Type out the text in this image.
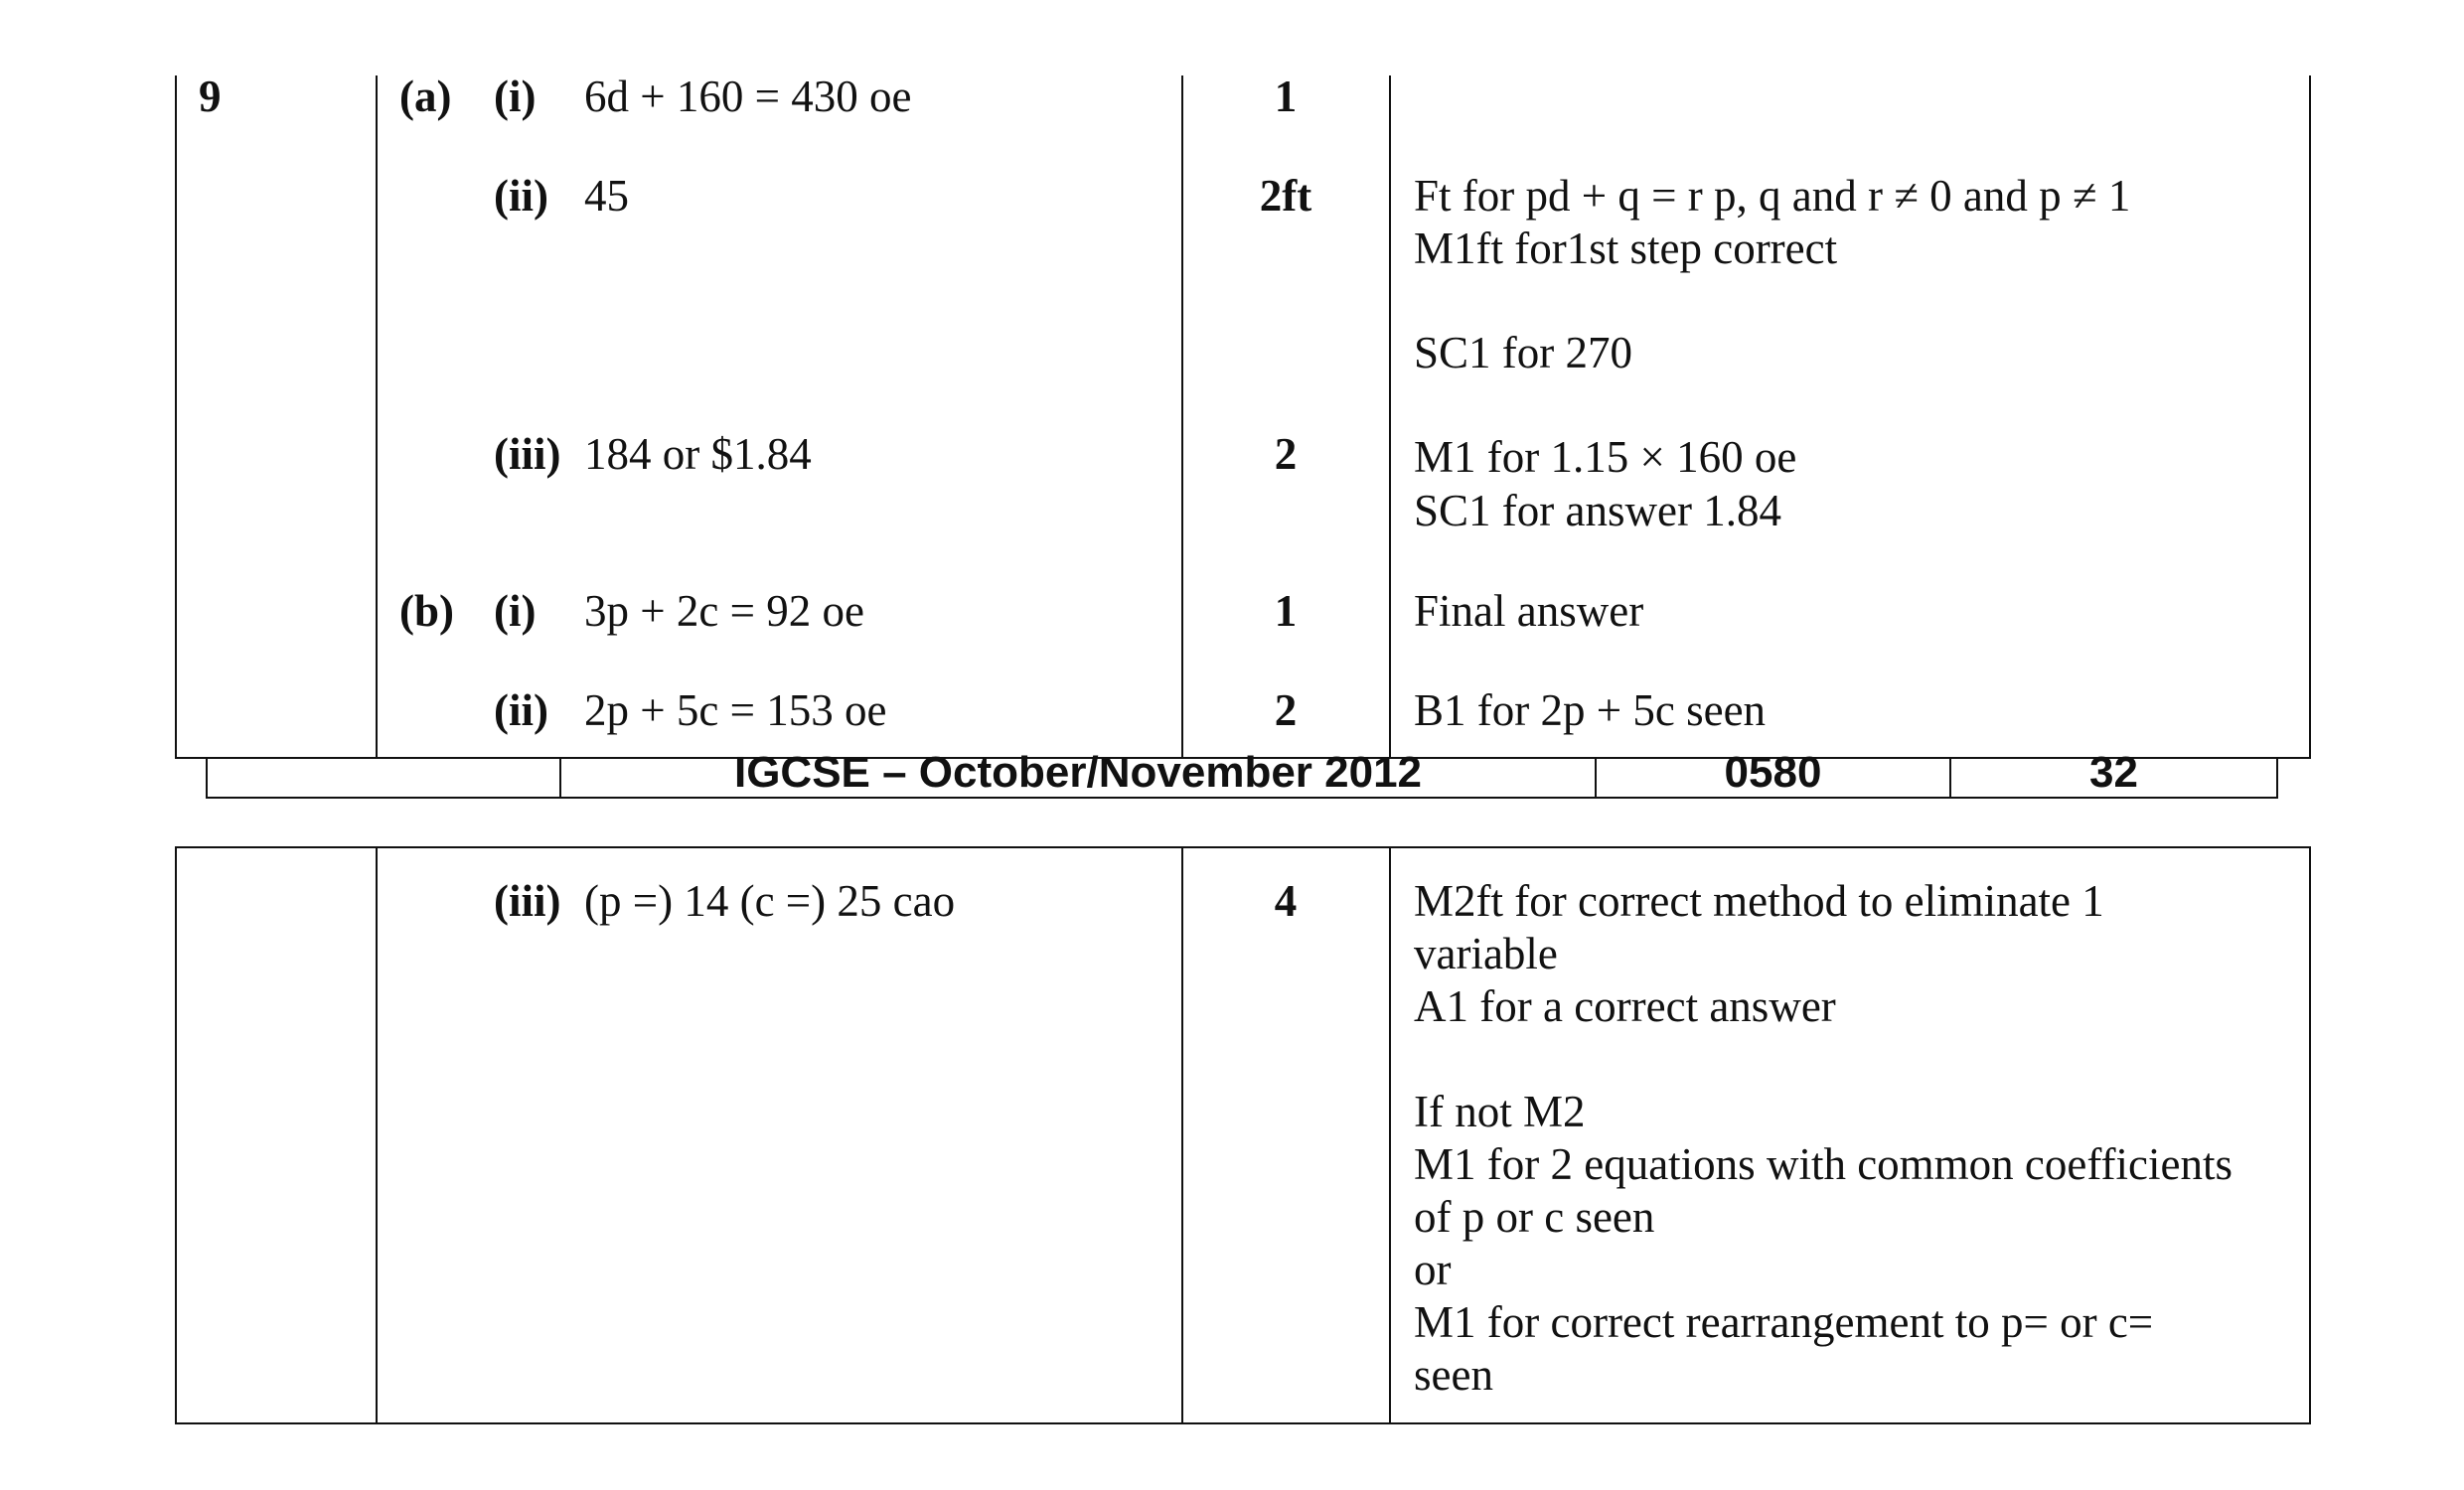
9	(a) (i) 6d + 160 = 430 oe	1
(ii) 45	2ft	Ft for pd + q = r p, q and r ≠ 0 and p ≠ 1
M1ft for1st step correct
SC1 for 270
(iii) 184 or $1.84	2	M1 for 1.15 × 160 oe
SC1 for answer 1.84
(b) (i) 3p + 2c = 92 oe	1	Final answer
(ii) 2p + 5c = 153 oe	2	B1 for 2p + 5c seen
IGCSE – October/November 2012	0580	32
(iii) (p =) 14 (c =) 25 cao	4	M2ft for correct method to eliminate 1
variable
A1 for a correct answer
If not M2
M1 for 2 equations with common coefficients
of p or c seen
or
M1 for correct rearrangement to p= or c=
seen
